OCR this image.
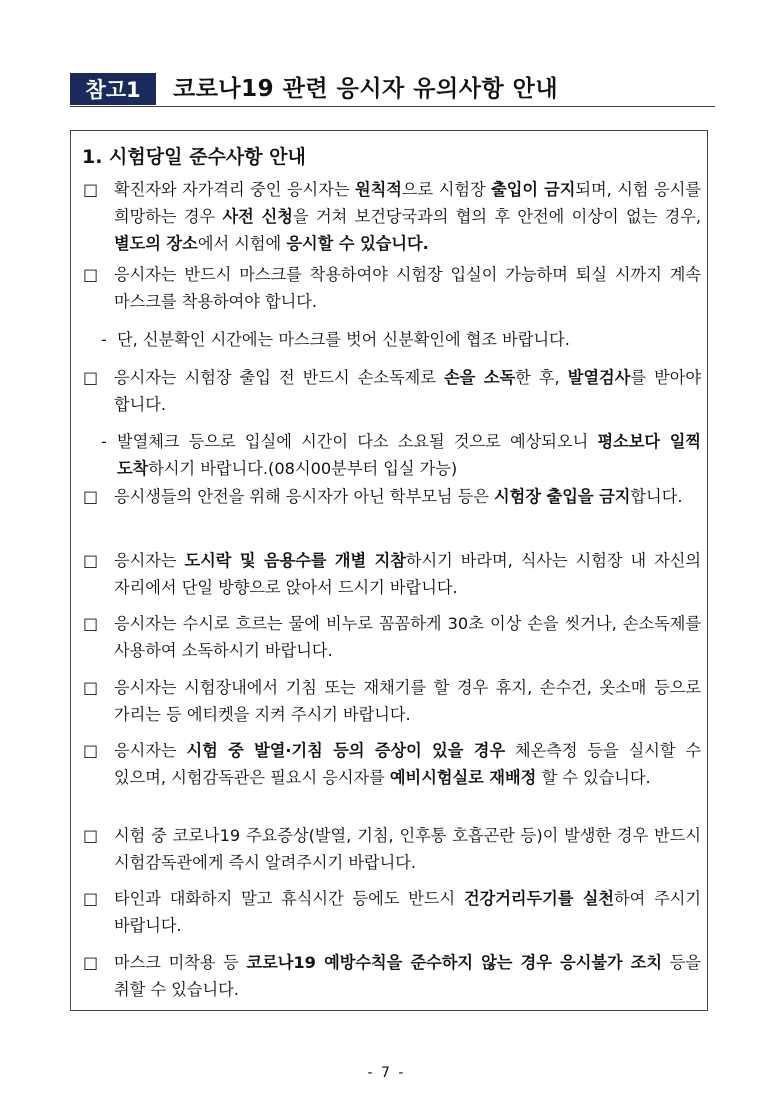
참고1	코로나19 관련 응시자 유의사항 안내
1. 시험당일 준수사항 안내
□ 확진자와 자가격리 중인 응시자는 원칙적으로 시험장 출입이 금지되며, 시험 응시를 희망하는 경우 사전 신청을 거쳐 보건당국과의 협의 후 안전에 이상이 없는 경우, 별도의 장소에서 시험에 응시할 수 있습니다.
□ 응시자는 반드시 마스크를 착용하여야 시험장 입실이 가능하며 퇴실 시까지 계속 마스크를 착용하여야 합니다.
- 단, 신분확인 시간에는 마스크를 벗어 신분확인에 협조 바랍니다.
□ 응시자는 시험장 출입 전 반드시 손소독제로 손을 소독한 후, 발열검사를 받아야 합니다.
- 발열체크 등으로 입실에 시간이 다소 소요될 것으로 예상되오니 평소보다 일찍 도착하시기 바랍니다.(08시00분부터 입실 가능)
□ 응시생들의 안전을 위해 응시자가 아닌 학부모님 등은 시험장 출입을 금지합니다.
□ 응시자는 도시락 및 음용수를 개별 지참하시기 바라며, 식사는 시험장 내 자신의 자리에서 단일 방향으로 앉아서 드시기 바랍니다.
□ 응시자는 수시로 흐르는 물에 비누로 꼼꼼하게 30초 이상 손을 씻거나, 손소독제를 사용하여 소독하시기 바랍니다.
□ 응시자는 시험장내에서 기침 또는 재채기를 할 경우 휴지, 손수건, 옷소매 등으로 가리는 등 에티켓을 지켜 주시기 바랍니다.
□ 응시자는 시험 중 발열·기침 등의 증상이 있을 경우 체온측정 등을 실시할 수 있으며, 시험감독관은 필요시 응시자를 예비시험실로 재배정 할 수 있습니다.
□ 시험 중 코로나19 주요증상(발열, 기침, 인후통 호흡곤란 등)이 발생한 경우 반드시 시험감독관에게 즉시 알려주시기 바랍니다.
□ 타인과 대화하지 말고 휴식시간 등에도 반드시 건강거리두기를 실천하여 주시기 바랍니다.
□ 마스크 미착용 등 코로나19 예방수칙을 준수하지 않는 경우 응시불가 조치 등을 취할 수 있습니다.
- 7 -
